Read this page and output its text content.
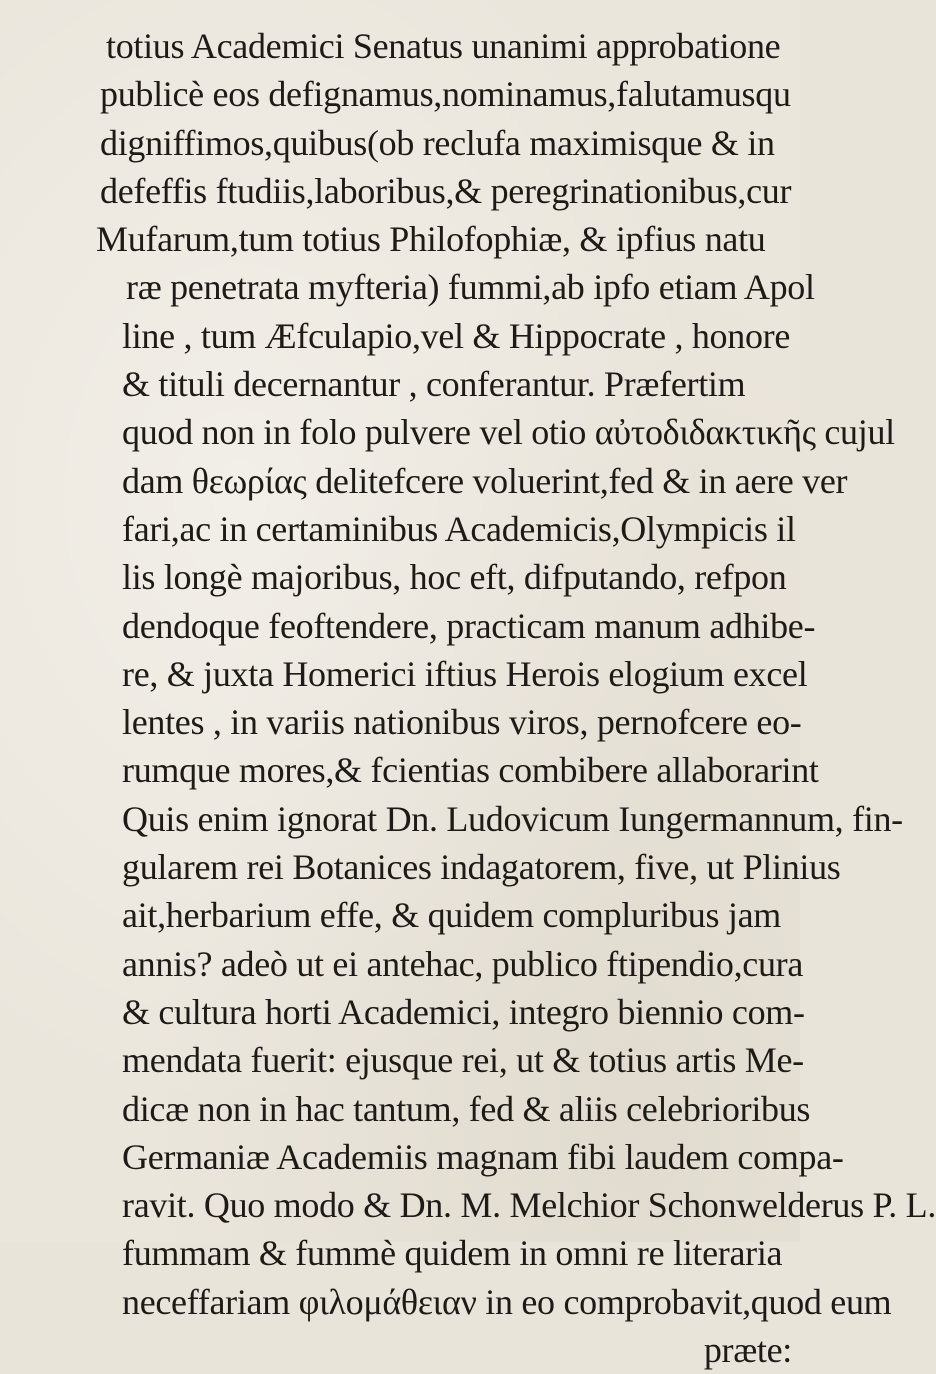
totius Academici Senatus unanimi approbatione
publicè eos defignamus,nominamus,falutamusqu
digniffimos,quibus(ob reclufa maximisque & in
defeffis ftudiis,laboribus,& peregrinationibus,cur
Mufarum,tum totius Philofophiæ, & ipfius natu
ræ penetrata myfteria) fummi,ab ipfo etiam Apol
line , tum Æfculapio,vel & Hippocrate , honore
& tituli decernantur , conferantur. Præfertim
quod non in folo pulvere vel otio αὐτοδιδακτικῆς cujul
dam θεωρίας delitefcere voluerint,fed & in aere ver
fari,ac in certaminibus Academicis,Olympicis il
lis longè majoribus, hoc eft, difputando, refpon
dendoque feoftendere, practicam manum adhibe-
re, & juxta Homerici iftius Herois elogium excel
lentes , in variis nationibus viros, pernofcere eo-
rumque mores,& fcientias combibere allaborarint
Quis enim ignorat Dn. Ludovicum Iungermannum, fin-
gularem rei Botanices indagatorem, five, ut Plinius
ait,herbarium effe, & quidem compluribus jam
annis? adeò ut ei antehac, publico ftipendio,cura
& cultura horti Academici, integro biennio com-
mendata fuerit: ejusque rei, ut & totius artis Me-
dicæ non in hac tantum, fed & aliis celebrioribus
Germaniæ Academiis magnam fibi laudem compa-
ravit. Quo modo & Dn. M. Melchior Schonwelderus P. L.
fummam & fummè quidem in omni re literaria
neceffariam φιλομάθειαν in eo comprobavit,quod eum
præte:
